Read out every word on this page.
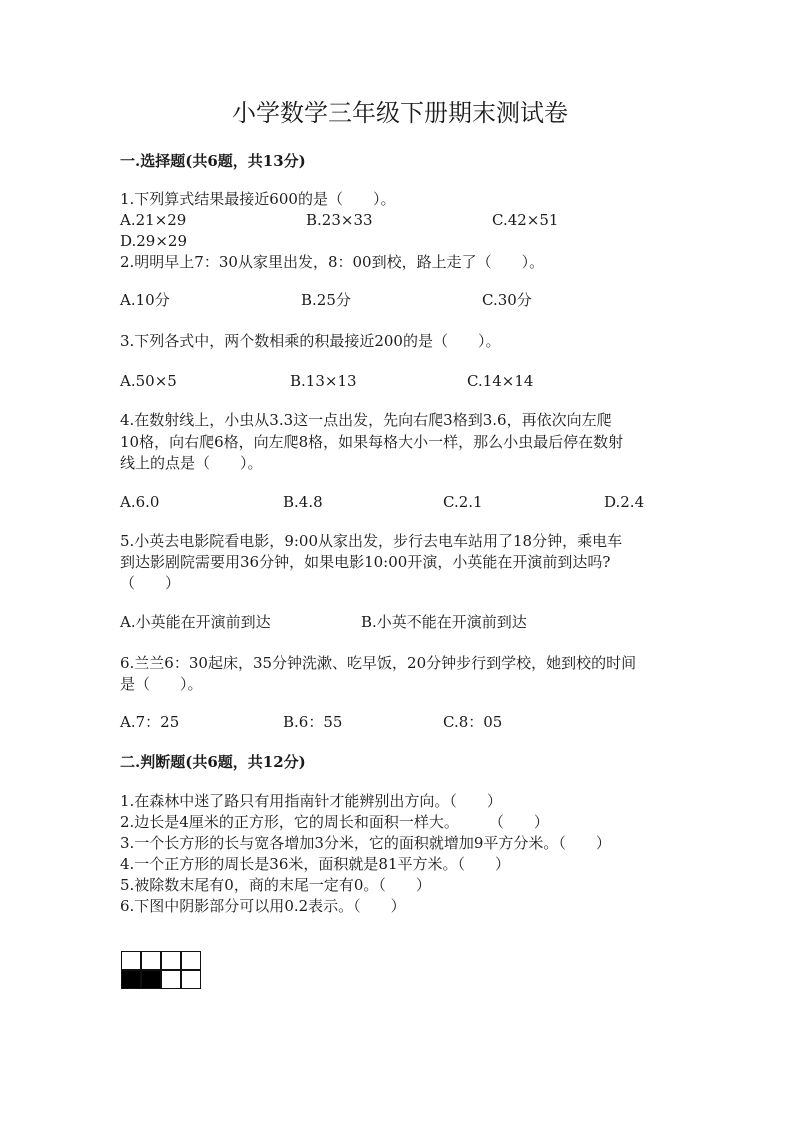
小学数学三年级下册期末测试卷
一.选择题(共6题，共13分)
1.下列算式结果最接近600的是（　　）。
A.21×29	B.23×33	C.42×51
D.29×29
2.明明早上7：30从家里出发，8：00到校，路上走了（　　）。
A.10分	B.25分	C.30分
3.下列各式中，两个数相乘的积最接近200的是（　　）。
A.50×5	B.13×13	C.14×14
4.在数射线上，小虫从3.3这一点出发，先向右爬3格到3.6，再依次向左爬
10格，向右爬6格，向左爬8格，如果每格大小一样，那么小虫最后停在数射
线上的点是（　　）。
A.6.0	B.4.8	C.2.1	D.2.4
5.小英去电影院看电影，9:00从家出发，步行去电车站用了18分钟，乘电车
到达影剧院需要用36分钟，如果电影10:00开演，小英能在开演前到达吗?
（　　）
A.小英能在开演前到达	B.小英不能在开演前到达
6.兰兰6：30起床，35分钟洗漱、吃早饭，20分钟步行到学校，她到校的时间
是（　　）。
A.7：25	B.6：55	C.8：05
二.判断题(共6题，共12分)
1.在森林中迷了路只有用指南针才能辨别出方向。（　　）
2.边长是4厘米的正方形，它的周长和面积一样大。　　　（　　）
3.一个长方形的长与宽各增加3分米，它的面积就增加9平方分米。（　　）
4.一个正方形的周长是36米，面积就是81平方米。（　　）
5.被除数末尾有0，商的末尾一定有0。（　　）
6.下图中阴影部分可以用0.2表示。（　　）
